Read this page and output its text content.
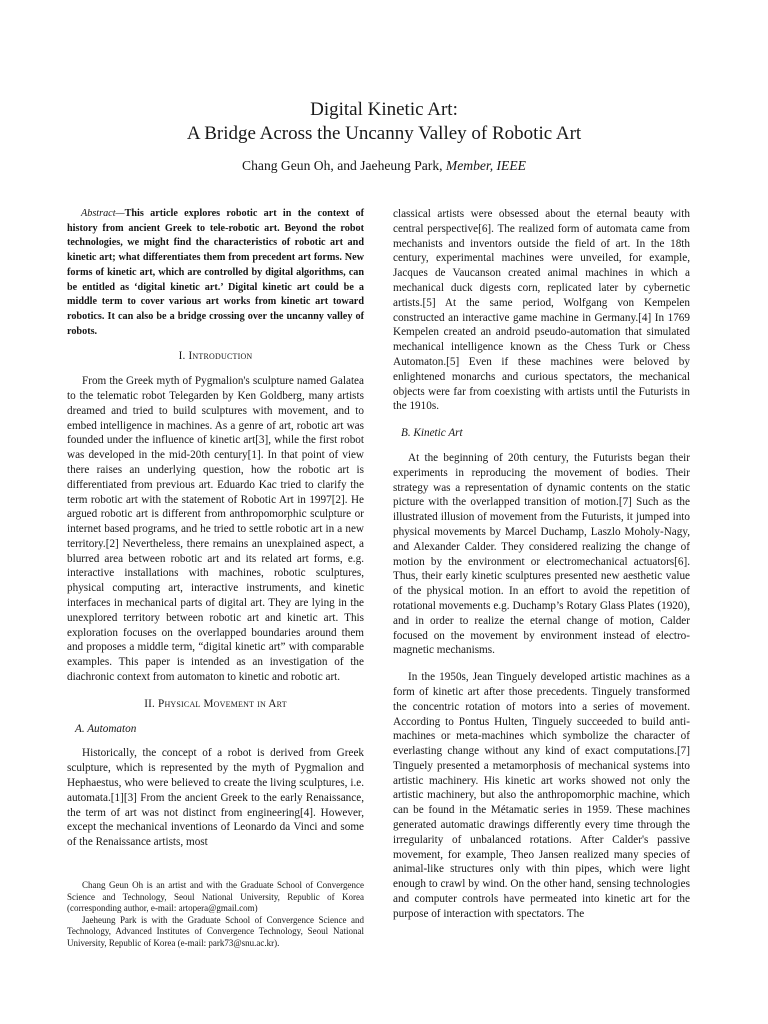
Digital Kinetic Art:
A Bridge Across the Uncanny Valley of Robotic Art
Chang Geun Oh, and Jaeheung Park, Member, IEEE

Abstract—This article explores robotic art in the context of history from ancient Greek to tele-robotic art. Beyond the robot technologies, we might find the characteristics of robotic art and kinetic art; what differentiates them from precedent art forms. New forms of kinetic art, which are controlled by digital algorithms, can be entitled as ‘digital kinetic art.’ Digital kinetic art could be a middle term to cover various art works from kinetic art toward robotics. It can also be a bridge crossing over the uncanny valley of robots.

I. Introduction

From the Greek myth of Pygmalion's sculpture named Galatea to the telematic robot Telegarden by Ken Goldberg, many artists dreamed and tried to build sculptures with movement, and to embed intelligence in machines. As a genre of art, robotic art was founded under the influence of kinetic art[3], while the first robot was developed in the mid-20th century[1]. In that point of view there raises an underlying question, how the robotic art is differentiated from previous art. Eduardo Kac tried to clarify the term robotic art with the statement of Robotic Art in 1997[2]. He argued robotic art is different from anthropomorphic sculpture or internet based programs, and he tried to settle robotic art in a new territory.[2] Nevertheless, there remains an unexplained aspect, a blurred area between robotic art and its related art forms, e.g. interactive installations with machines, robotic sculptures, physical computing art, interactive instruments, and kinetic interfaces in mechanical parts of digital art. They are lying in the unexplored territory between robotic art and kinetic art. This exploration focuses on the overlapped boundaries around them and proposes a middle term, “digital kinetic art” with comparable examples. This paper is intended as an investigation of the diachronic context from automaton to kinetic and robotic art.

II. Physical Movement in Art
A. Automaton

Historically, the concept of a robot is derived from Greek sculpture, which is represented by the myth of Pygmalion and Hephaestus, who were believed to create the living sculptures, i.e. automata.[1][3] From the ancient Greek to the early Renaissance, the term of art was not distinct from engineering[4]. However, except the mechanical inventions of Leonardo da Vinci and some of the Renaissance artists, most

Chang Geun Oh is an artist and with the Graduate School of Convergence Science and Technology, Seoul National University, Republic of Korea (corresponding author, e-mail: artopera@gmail.com)

Jaeheung Park is with the Graduate School of Convergence Science and Technology, Advanced Institutes of Convergence Technology, Seoul National University, Republic of Korea (e-mail: park73@snu.ac.kr).

classical artists were obsessed about the eternal beauty with central perspective[6]. The realized form of automata came from mechanists and inventors outside the field of art. In the 18th century, experimental machines were unveiled, for example, Jacques de Vaucanson created animal machines in which a mechanical duck digests corn, replicated later by cybernetic artists.[5] At the same period, Wolfgang von Kempelen constructed an interactive game machine in Germany.[4] In 1769 Kempelen created an android pseudo-automation that simulated mechanical intelligence known as the Chess Turk or Chess Automaton.[5] Even if these machines were beloved by enlightened monarchs and curious spectators, the mechanical objects were far from coexisting with artists until the Futurists in the 1910s.

B. Kinetic Art

At the beginning of 20th century, the Futurists began their experiments in reproducing the movement of bodies. Their strategy was a representation of dynamic contents on the static picture with the overlapped transition of motion.[7] Such as the illustrated illusion of movement from the Futurists, it jumped into physical movements by Marcel Duchamp, Laszlo Moholy-Nagy, and Alexander Calder. They considered realizing the change of motion by the environment or electromechanical actuators[6]. Thus, their early kinetic sculptures presented new aesthetic value of the physical motion. In an effort to avoid the repetition of rotational movements e.g. Duchamp’s Rotary Glass Plates (1920), and in order to realize the eternal change of motion, Calder focused on the movement by environment instead of electro-magnetic mechanisms.

In the 1950s, Jean Tinguely developed artistic machines as a form of kinetic art after those precedents. Tinguely transformed the concentric rotation of motors into a series of movement. According to Pontus Hulten, Tinguely succeeded to build anti-machines or meta-machines which symbolize the character of everlasting change without any kind of exact computations.[7] Tinguely presented a metamorphosis of mechanical systems into artistic machinery. His kinetic art works showed not only the artistic machinery, but also the anthropomorphic machine, which can be found in the Métamatic series in 1959. These machines generated automatic drawings differently every time through the irregularity of unbalanced rotations. After Calder's passive movement, for example, Theo Jansen realized many species of animal-like structures only with thin pipes, which were light enough to crawl by wind. On the other hand, sensing technologies and computer controls have permeated into kinetic art for the purpose of interaction with spectators. The
